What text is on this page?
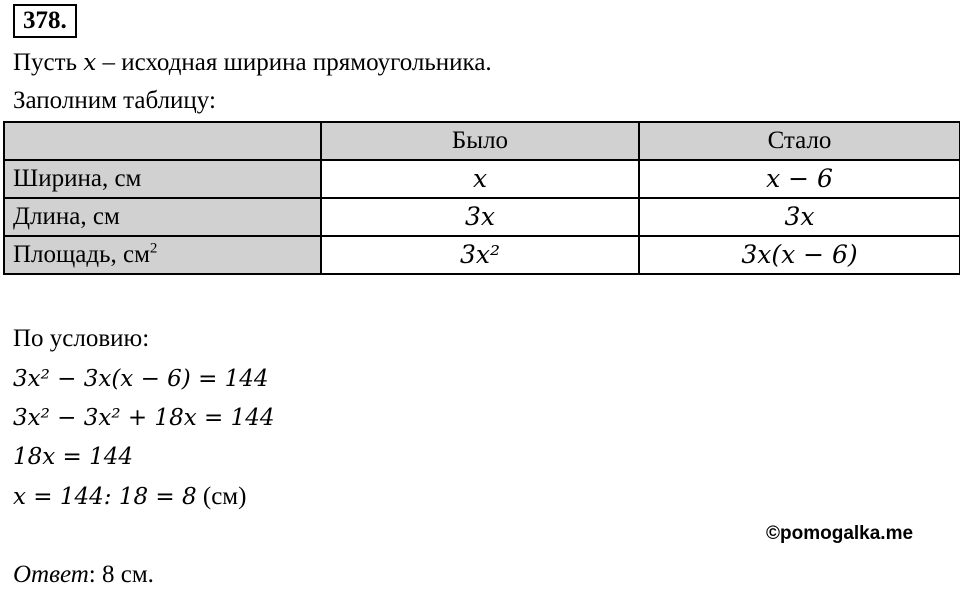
378.
Пусть x – исходная ширина прямоугольника.
Заполним таблицу:
	Было	Стало
Ширина, см	x	x − 6
Длина, см	3x	3x
Площадь, $см^2$	3x²	3x(x − 6)
По условию:
3x² − 3x(x − 6) = 144
3x² − 3x² + 18x = 144
18x = 144
x = 144: 18 = 8 (см)
©pomogalka.me
Ответ: 8 см.
